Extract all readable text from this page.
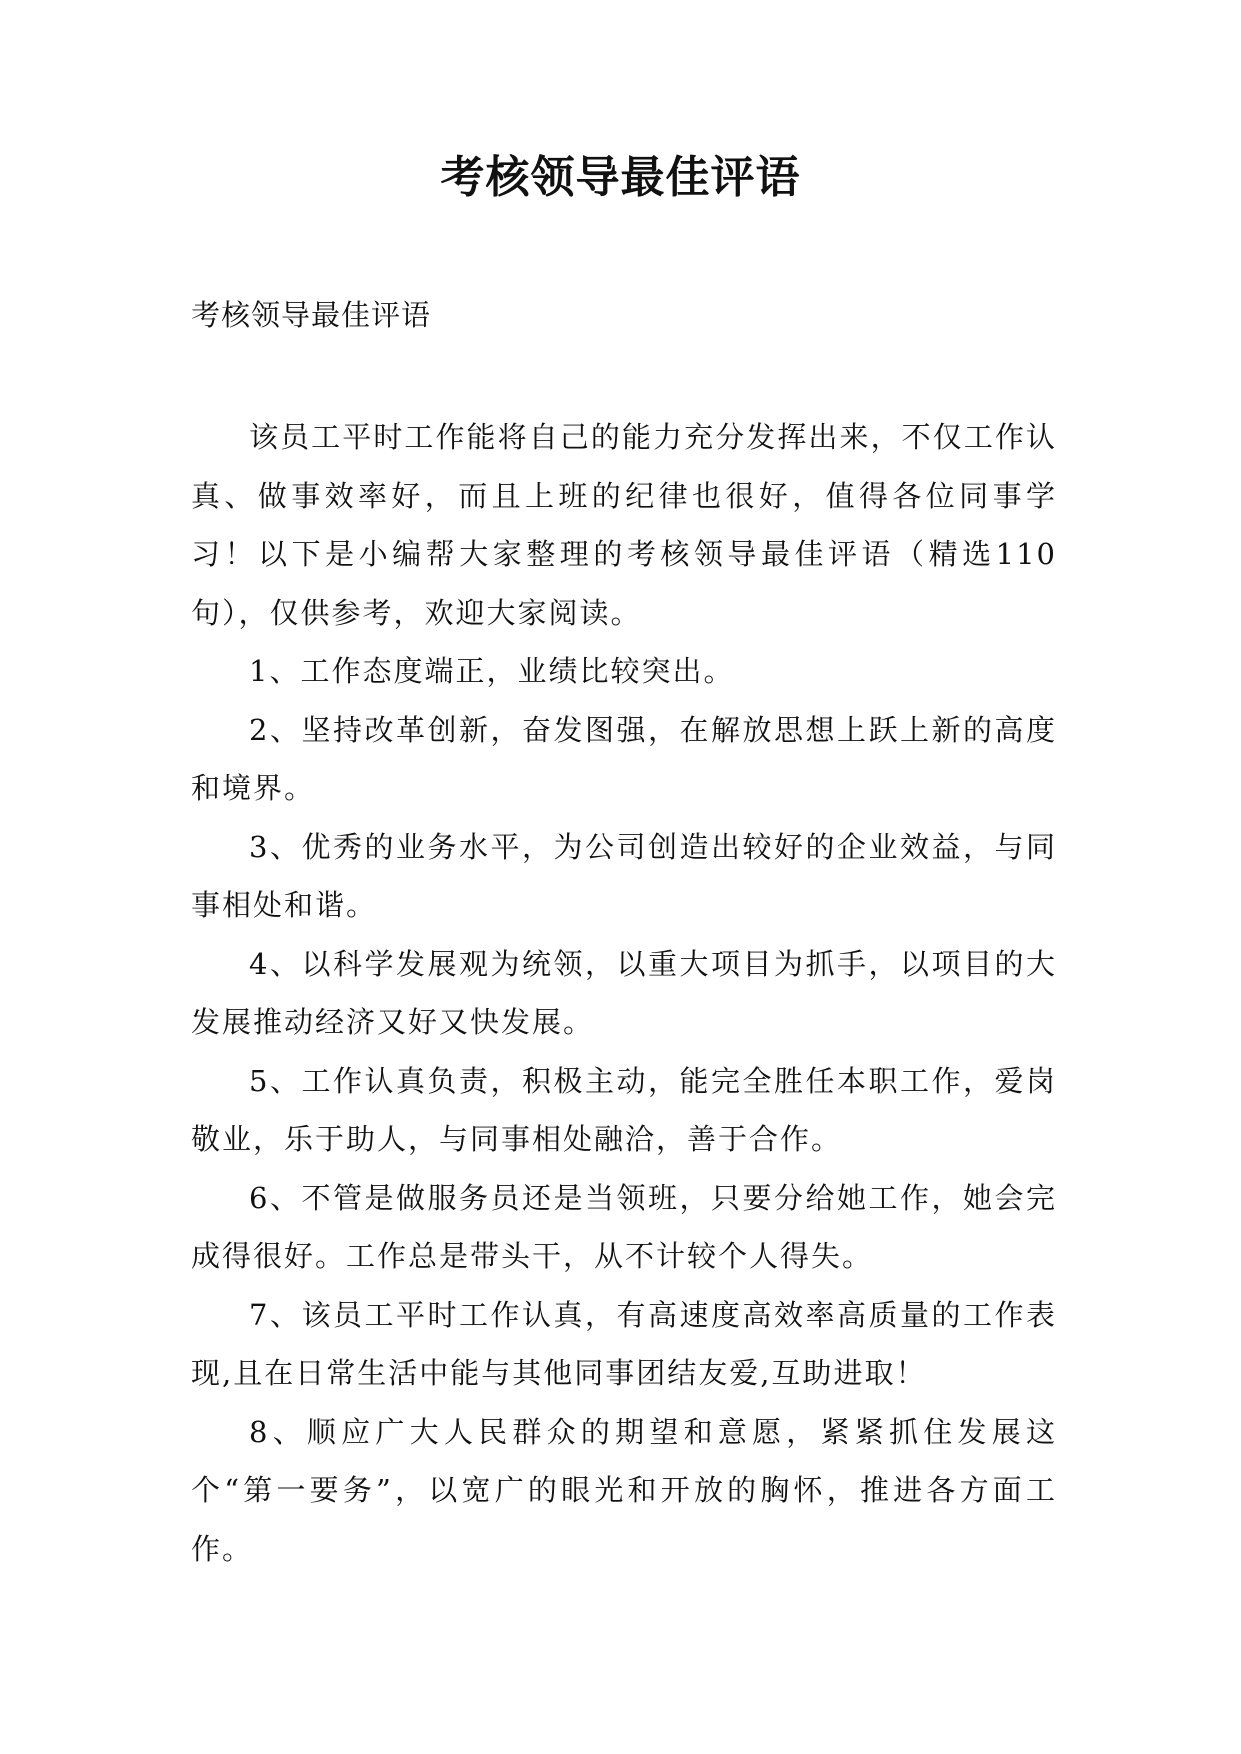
考核领导最佳评语

考核领导最佳评语

该员工平时工作能将自己的能力充分发挥出来，不仅工作认真、做事效率好，而且上班的纪律也很好，值得各位同事学习！以下是小编帮大家整理的考核领导最佳评语（精选110句），仅供参考，欢迎大家阅读。

1、工作态度端正，业绩比较突出。

2、坚持改革创新，奋发图强，在解放思想上跃上新的高度和境界。

3、优秀的业务水平，为公司创造出较好的企业效益，与同事相处和谐。

4、以科学发展观为统领，以重大项目为抓手，以项目的大发展推动经济又好又快发展。

5、工作认真负责，积极主动，能完全胜任本职工作，爱岗敬业，乐于助人，与同事相处融洽，善于合作。

6、不管是做服务员还是当领班，只要分给她工作，她会完成得很好。工作总是带头干，从不计较个人得失。

7、该员工平时工作认真，有高速度高效率高质量的工作表现,且在日常生活中能与其他同事团结友爱,互助进取！

8、顺应广大人民群众的期望和意愿，紧紧抓住发展这个“第一要务”，以宽广的眼光和开放的胸怀，推进各方面工作。
